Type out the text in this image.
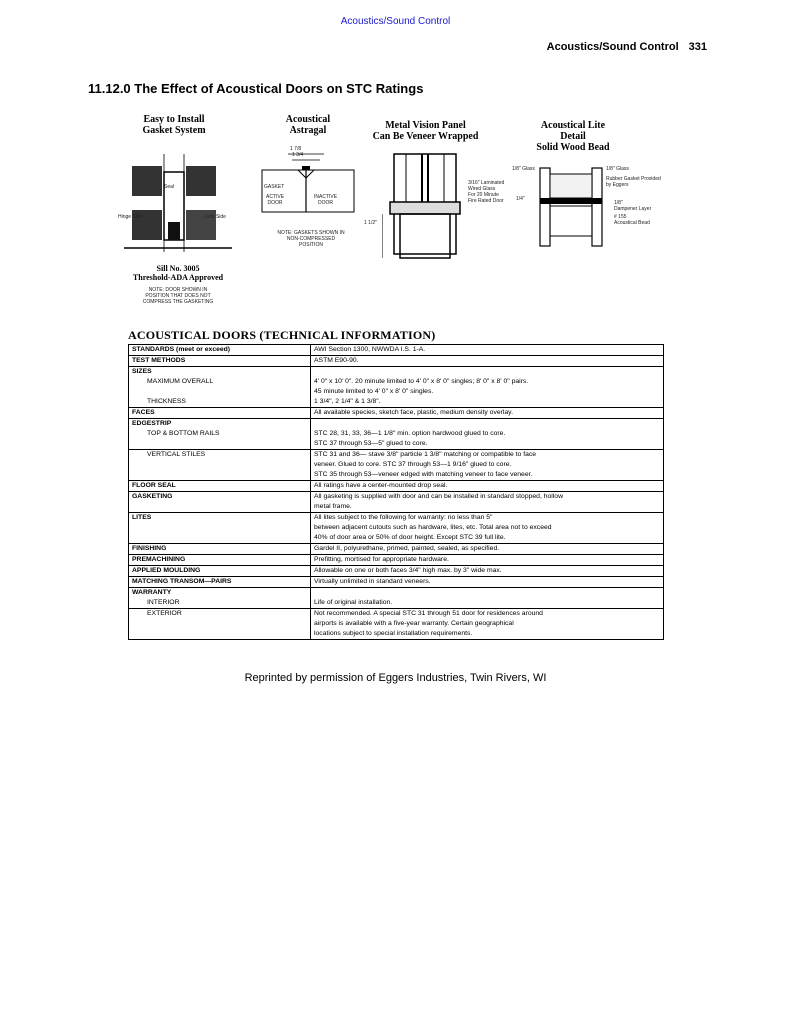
Acoustics/Sound Control
Acoustics/Sound Control 331
11.12.0 The Effect of Acoustical Doors on STC Ratings
Easy to Install
Gasket System
Seal
Hinge Side	Lock Side
Sill No. 3005
Threshold-ADA Approved
NOTE: DOOR SHOWN IN
POSITION THAT DOES NOT
COMPRESS THE GASKETING
Acoustical
Astragal
1 7/8
1 3/4
GASKET
ACTIVE
DOOR
INACTIVE
DOOR
NOTE: GASKETS SHOWN IN
NON-COMPRESSED
POSITION
Metal Vision Panel
Can Be Veneer Wrapped
3/16" Laminated
Wired Glass
For 20 Minute
Fire Rated Door
1 1/2"
Acoustical Lite
Detail
Solid Wood Bead
1/8" Glass	1/8" Glass
Rubber Gasket Provided
by Eggers
1/4"
1/8"
Dampener Layer
# 155
Acoustical Bead
ACOUSTICAL DOORS (TECHNICAL INFORMATION)
STANDARDS (meet or exceed)	AWI Section 1300, NWWDA I.S. 1-A.
TEST METHODS	ASTM E90-90.
SIZES	
MAXIMUM OVERALL	4' 0" x 10' 0". 20 minute limited to 4' 0" x 8' 0" singles; 8' 0" x 8' 0" pairs.
45 minute limited to 4' 0" x 8' 0" singles.
THICKNESS	1 3/4", 2 1/4" & 1 3/8".
FACES	All available species, sketch face, plastic, medium density overlay.
EDGESTRIP	
TOP & BOTTOM RAILS	STC 28, 31, 33, 36—1 1/8" min. option hardwood glued to core.
STC 37 through 53—5" glued to core.
VERTICAL STILES	STC 31 and 36— stave 3/8" particle 1 3/8" matching or compatible to face
veneer. Glued to core. STC 37 through 53—1 9/16" glued to core.
STC 35 through 53—veneer edged with matching veneer to face veneer.
FLOOR SEAL	All ratings have a center-mounted drop seal.
GASKETING	All gasketing is supplied with door and can be installed in standard stopped, hollow
metal frame.
LITES	All lites subject to the following for warranty: no less than 5"
between adjacent cutouts such as hardware, lites, etc. Total area not to exceed
40% of door area or 50% of door height. Except STC 39 full lite.
FINISHING	Gardel II, polyurethane, primed, painted, sealed, as specified.
PREMACHINING	Prefitting, mortised for appropriate hardware.
APPLIED MOULDING	Allowable on one or both faces 3/4" high max. by 3" wide max.
MATCHING TRANSOM—PAIRS	Virtually unlimited in standard veneers.
WARRANTY	
INTERIOR	Life of original installation.
EXTERIOR	Not recommended. A special STC 31 through 51 door for residences around
airports is available with a five-year warranty. Certain geographical
locations subject to special installation requirements.
Reprinted by permission of Eggers Industries, Twin Rivers, WI
